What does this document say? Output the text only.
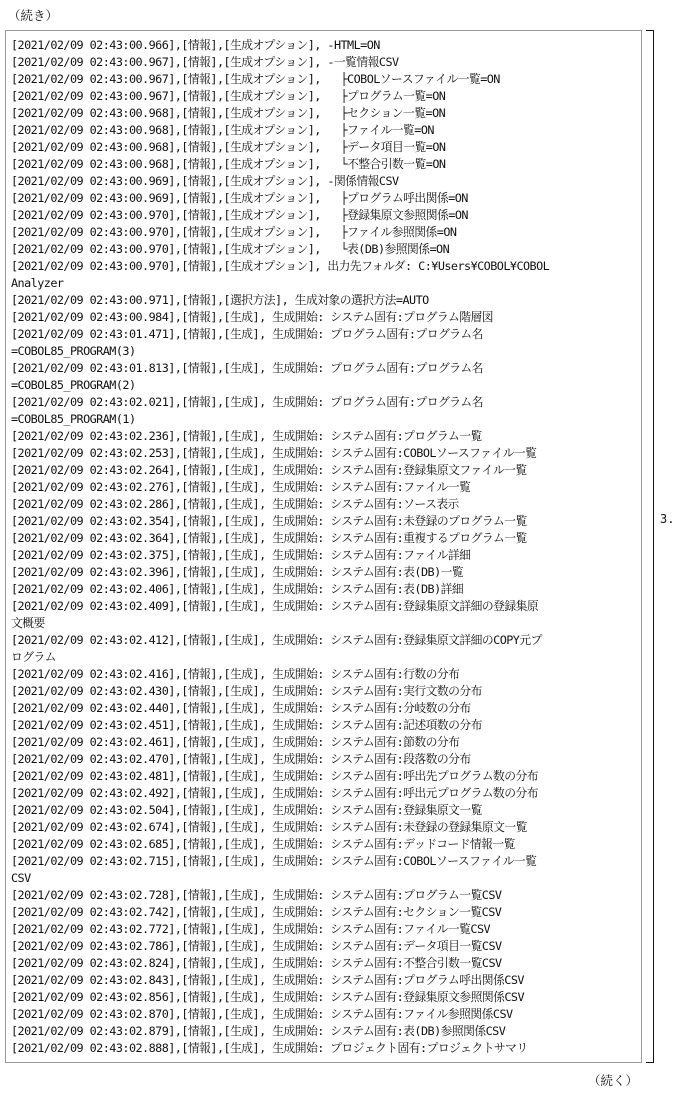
（続き）
[2021/02/09 02:43:00.966],[情報],[生成オプション], -HTML=ON
[2021/02/09 02:43:00.967],[情報],[生成オプション], -一覧情報CSV
[2021/02/09 02:43:00.967],[情報],[生成オプション],   ├COBOLソースファイル一覧=ON
[2021/02/09 02:43:00.967],[情報],[生成オプション],   ├プログラム一覧=ON
[2021/02/09 02:43:00.968],[情報],[生成オプション],   ├セクション一覧=ON
[2021/02/09 02:43:00.968],[情報],[生成オプション],   ├ファイル一覧=ON
[2021/02/09 02:43:00.968],[情報],[生成オプション],   ├データ項目一覧=ON
[2021/02/09 02:43:00.968],[情報],[生成オプション],   └不整合引数一覧=ON
[2021/02/09 02:43:00.969],[情報],[生成オプション], -関係情報CSV
[2021/02/09 02:43:00.969],[情報],[生成オプション],   ├プログラム呼出関係=ON
[2021/02/09 02:43:00.970],[情報],[生成オプション],   ├登録集原文参照関係=ON
[2021/02/09 02:43:00.970],[情報],[生成オプション],   ├ファイル参照関係=ON
[2021/02/09 02:43:00.970],[情報],[生成オプション],   └表(DB)参照関係=ON
[2021/02/09 02:43:00.970],[情報],[生成オプション], 出力先フォルダ: C:¥Users¥COBOL¥COBOL
Analyzer
[2021/02/09 02:43:00.971],[情報],[選択方法], 生成対象の選択方法=AUTO
[2021/02/09 02:43:00.984],[情報],[生成], 生成開始: システム固有:プログラム階層図
[2021/02/09 02:43:01.471],[情報],[生成], 生成開始: プログラム固有:プログラム名
=COBOL85_PROGRAM(3)
[2021/02/09 02:43:01.813],[情報],[生成], 生成開始: プログラム固有:プログラム名
=COBOL85_PROGRAM(2)
[2021/02/09 02:43:02.021],[情報],[生成], 生成開始: プログラム固有:プログラム名
=COBOL85_PROGRAM(1)
[2021/02/09 02:43:02.236],[情報],[生成], 生成開始: システム固有:プログラム一覧
[2021/02/09 02:43:02.253],[情報],[生成], 生成開始: システム固有:COBOLソースファイル一覧
[2021/02/09 02:43:02.264],[情報],[生成], 生成開始: システム固有:登録集原文ファイル一覧
[2021/02/09 02:43:02.276],[情報],[生成], 生成開始: システム固有:ファイル一覧
[2021/02/09 02:43:02.286],[情報],[生成], 生成開始: システム固有:ソース表示
[2021/02/09 02:43:02.354],[情報],[生成], 生成開始: システム固有:未登録のプログラム一覧
[2021/02/09 02:43:02.364],[情報],[生成], 生成開始: システム固有:重複するプログラム一覧
[2021/02/09 02:43:02.375],[情報],[生成], 生成開始: システム固有:ファイル詳細
[2021/02/09 02:43:02.396],[情報],[生成], 生成開始: システム固有:表(DB)一覧
[2021/02/09 02:43:02.406],[情報],[生成], 生成開始: システム固有:表(DB)詳細
[2021/02/09 02:43:02.409],[情報],[生成], 生成開始: システム固有:登録集原文詳細の登録集原
文概要
[2021/02/09 02:43:02.412],[情報],[生成], 生成開始: システム固有:登録集原文詳細のCOPY元プ
ログラム
[2021/02/09 02:43:02.416],[情報],[生成], 生成開始: システム固有:行数の分布
[2021/02/09 02:43:02.430],[情報],[生成], 生成開始: システム固有:実行文数の分布
[2021/02/09 02:43:02.440],[情報],[生成], 生成開始: システム固有:分岐数の分布
[2021/02/09 02:43:02.451],[情報],[生成], 生成開始: システム固有:記述項数の分布
[2021/02/09 02:43:02.461],[情報],[生成], 生成開始: システム固有:節数の分布
[2021/02/09 02:43:02.470],[情報],[生成], 生成開始: システム固有:段落数の分布
[2021/02/09 02:43:02.481],[情報],[生成], 生成開始: システム固有:呼出先プログラム数の分布
[2021/02/09 02:43:02.492],[情報],[生成], 生成開始: システム固有:呼出元プログラム数の分布
[2021/02/09 02:43:02.504],[情報],[生成], 生成開始: システム固有:登録集原文一覧
[2021/02/09 02:43:02.674],[情報],[生成], 生成開始: システム固有:未登録の登録集原文一覧
[2021/02/09 02:43:02.685],[情報],[生成], 生成開始: システム固有:デッドコード情報一覧
[2021/02/09 02:43:02.715],[情報],[生成], 生成開始: システム固有:COBOLソースファイル一覧
CSV
[2021/02/09 02:43:02.728],[情報],[生成], 生成開始: システム固有:プログラム一覧CSV
[2021/02/09 02:43:02.742],[情報],[生成], 生成開始: システム固有:セクション一覧CSV
[2021/02/09 02:43:02.772],[情報],[生成], 生成開始: システム固有:ファイル一覧CSV
[2021/02/09 02:43:02.786],[情報],[生成], 生成開始: システム固有:データ項目一覧CSV
[2021/02/09 02:43:02.824],[情報],[生成], 生成開始: システム固有:不整合引数一覧CSV
[2021/02/09 02:43:02.843],[情報],[生成], 生成開始: システム固有:プログラム呼出関係CSV
[2021/02/09 02:43:02.856],[情報],[生成], 生成開始: システム固有:登録集原文参照関係CSV
[2021/02/09 02:43:02.870],[情報],[生成], 生成開始: システム固有:ファイル参照関係CSV
[2021/02/09 02:43:02.879],[情報],[生成], 生成開始: システム固有:表(DB)参照関係CSV
[2021/02/09 02:43:02.888],[情報],[生成], 生成開始: プロジェクト固有:プロジェクトサマリ
3.
（続く）
